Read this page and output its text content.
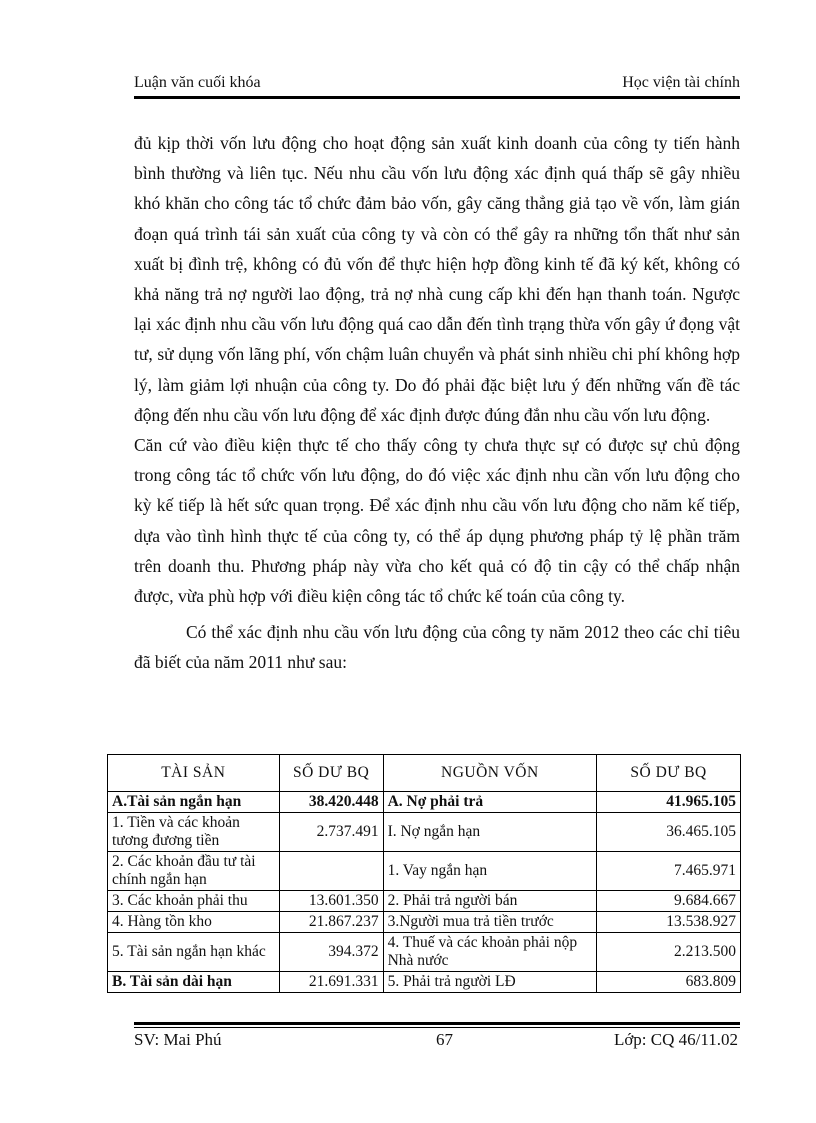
Luận văn cuối khóa	Học viện tài chính

đủ kịp thời vốn lưu động cho hoạt động sản xuất kinh doanh của công ty tiến hành bình thường và liên tục. Nếu nhu cầu vốn lưu động xác định quá thấp sẽ gây nhiều khó khăn cho công tác tổ chức đảm bảo vốn, gây căng thẳng giả tạo về vốn, làm gián đoạn quá trình tái sản xuất của công ty và còn có thể gây ra những tổn thất như sản xuất bị đình trệ, không có đủ vốn để thực hiện hợp đồng kinh tế đã ký kết, không có khả năng trả nợ người lao động, trả nợ nhà cung cấp khi đến hạn thanh toán. Ngược lại xác định nhu cầu vốn lưu động quá cao dẫn đến tình trạng thừa vốn gây ứ đọng vật tư, sử dụng vốn lãng phí, vốn chậm luân chuyển và phát sinh nhiều chi phí không hợp lý, làm giảm lợi nhuận của công ty. Do đó phải đặc biệt lưu ý đến những vấn đề tác động đến nhu cầu vốn lưu động để xác định được đúng đắn nhu cầu vốn lưu động.

Căn cứ vào điều kiện thực tế cho thấy công ty chưa thực sự có được sự chủ động trong công tác tổ chức vốn lưu động, do đó việc xác định nhu cần vốn lưu động cho kỳ kế tiếp là hết sức quan trọng. Để xác định nhu cầu vốn lưu động cho năm kế tiếp, dựa vào tình hình thực tế của công ty, có thể áp dụng phương pháp tỷ lệ phần trăm trên doanh thu. Phương pháp này vừa cho kết quả có độ tin cậy có thể chấp nhận được, vừa phù hợp với điều kiện công tác tổ chức kế toán của công ty.

Có thể xác định nhu cầu vốn lưu động của công ty năm 2012 theo các chỉ tiêu đã biết của năm 2011 như sau:

TÀI SẢN	SỐ DƯ BQ	NGUỒN VỐN	SỐ DƯ BQ
A.Tài sản ngắn hạn	38.420.448	A. Nợ phải trả	41.965.105
1. Tiền và các khoản tương đương tiền	2.737.491	I. Nợ ngắn hạn	36.465.105
2. Các khoản đầu tư tài chính ngắn hạn		1. Vay ngắn hạn	7.465.971
3. Các khoản phải thu	13.601.350	2. Phải trả người bán	9.684.667
4. Hàng tồn kho	21.867.237	3.Người mua trả tiền trước	13.538.927
5. Tài sản ngắn hạn khác	394.372	4. Thuế và các khoản phải nộp Nhà nước	2.213.500
B. Tài sản dài hạn	21.691.331	5. Phải trả người LĐ	683.809
SV: Mai Phú	67	Lớp: CQ 46/11.02
